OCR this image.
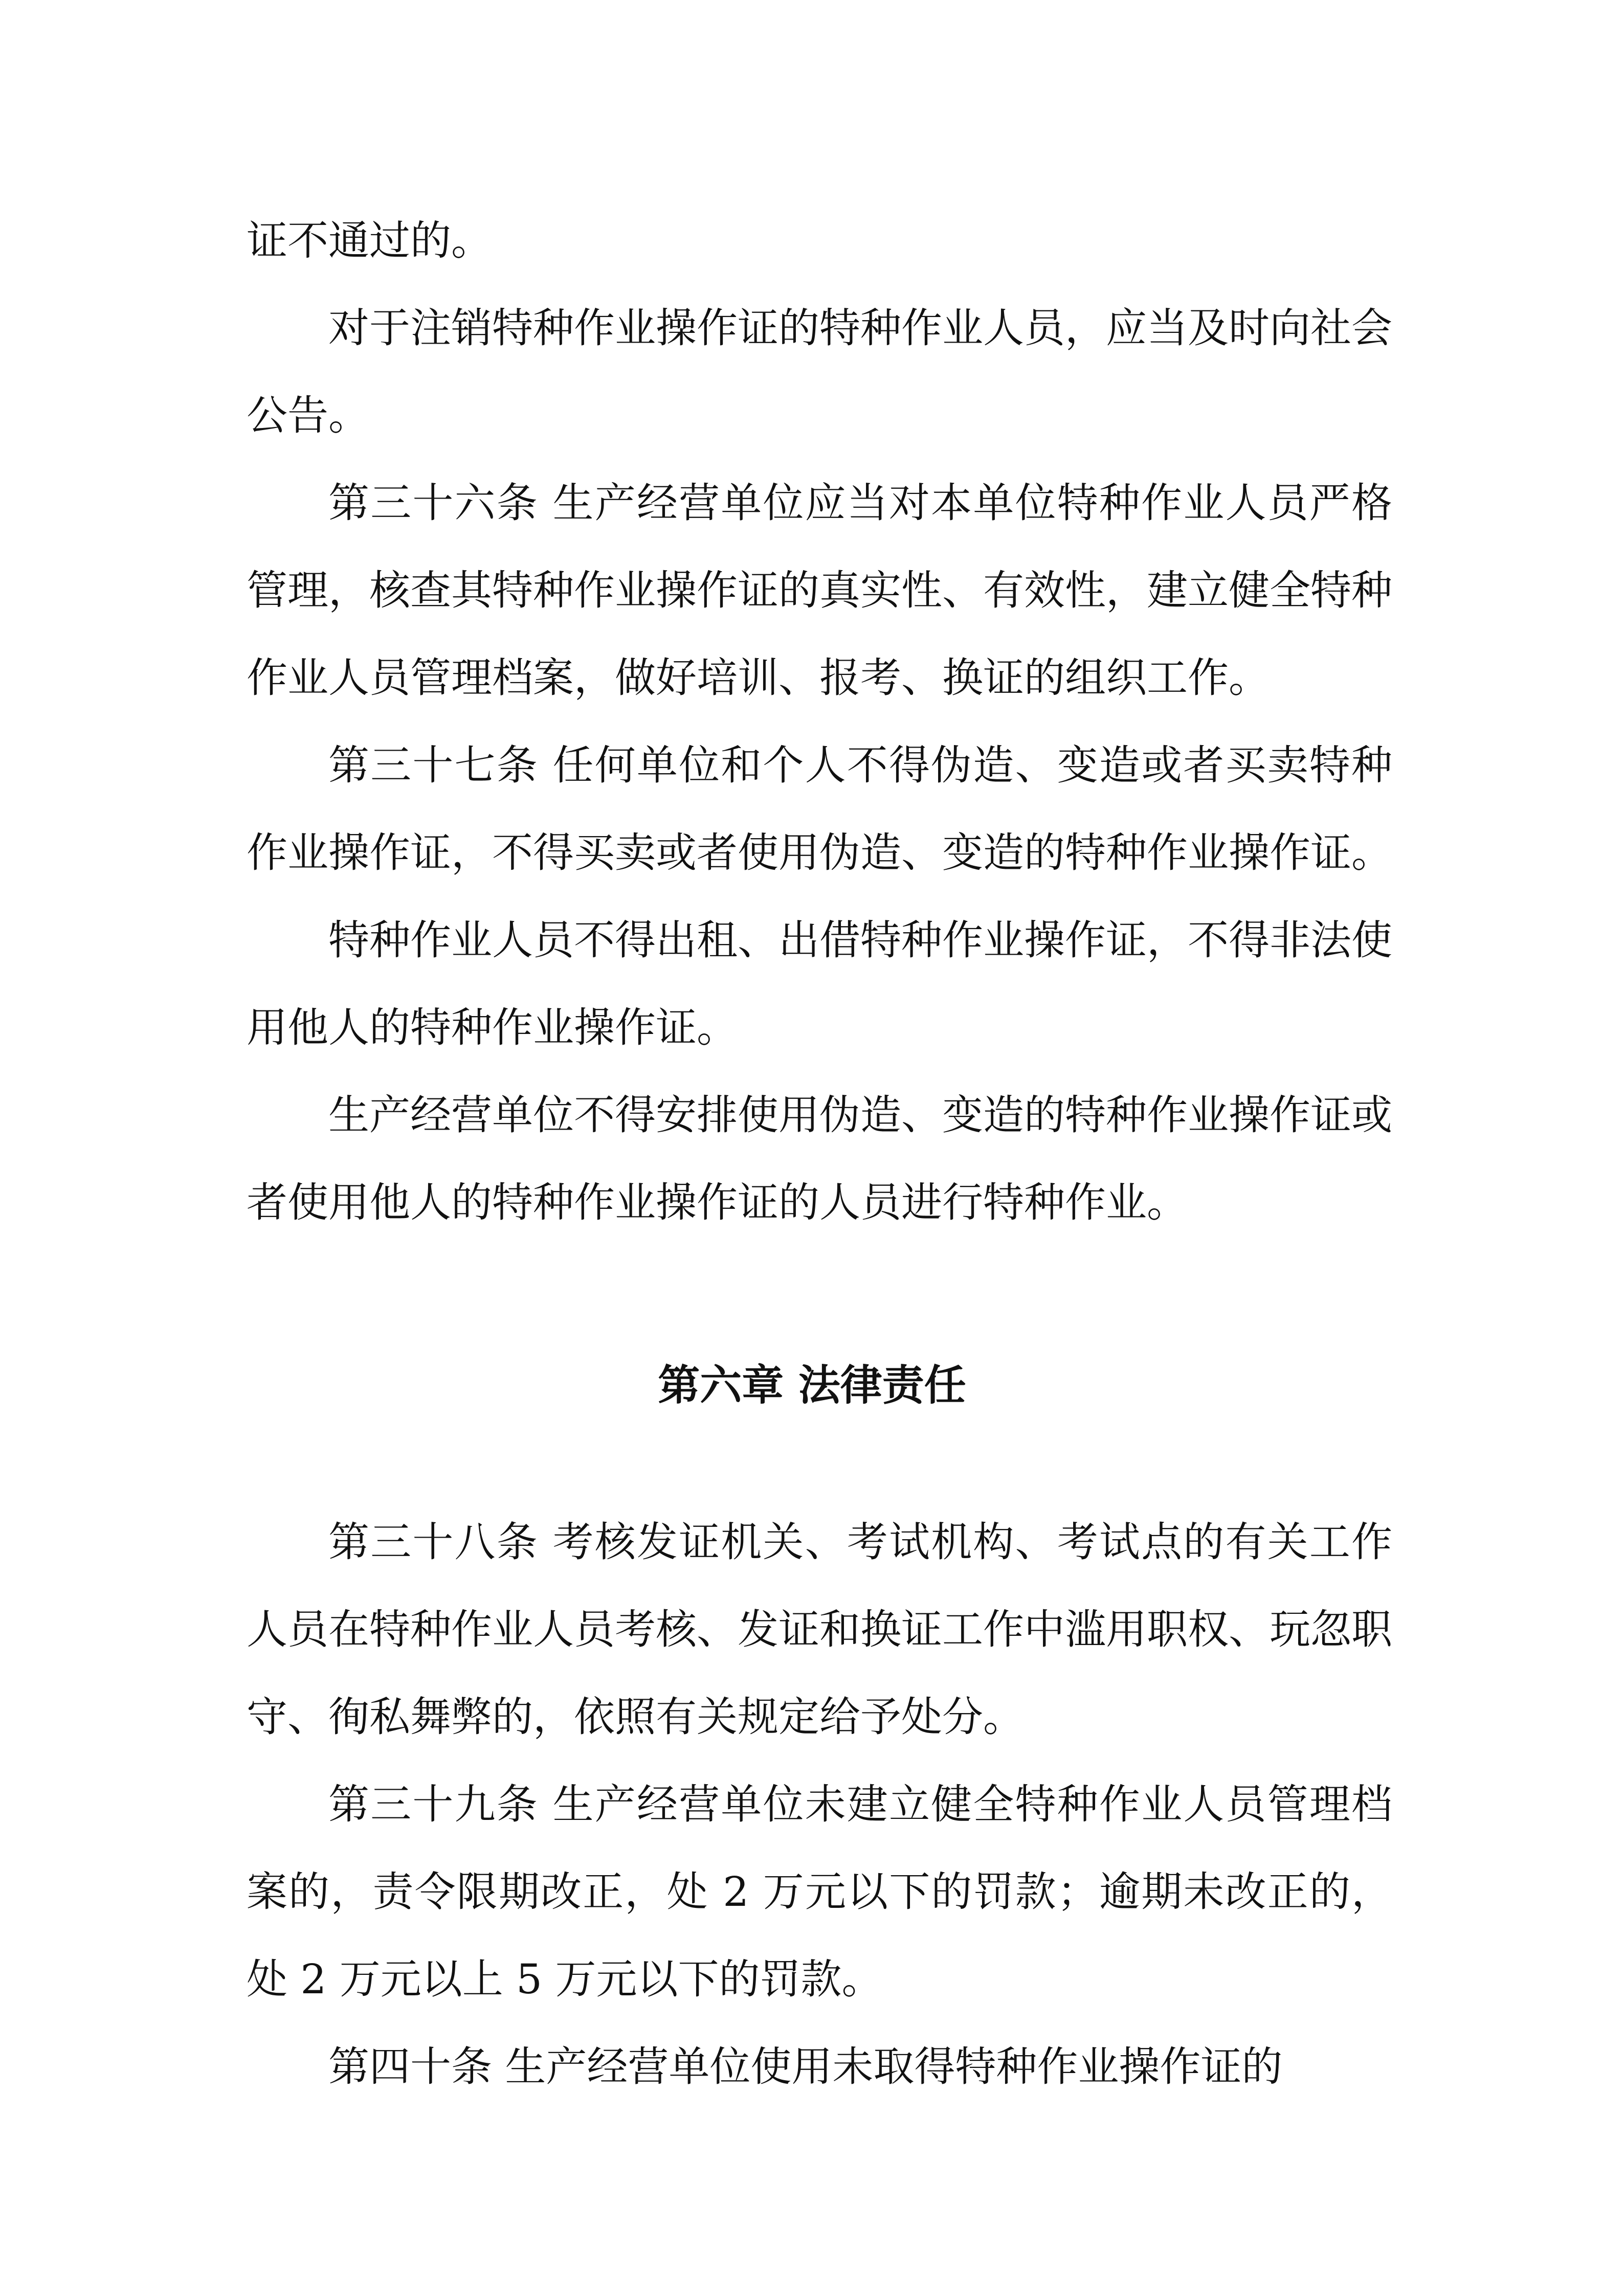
证不通过的。

对于注销特种作业操作证的特种作业人员，应当及时向社会公告。

第三十六条 生产经营单位应当对本单位特种作业人员严格管理，核查其特种作业操作证的真实性、有效性，建立健全特种作业人员管理档案，做好培训、报考、换证的组织工作。

第三十七条 任何单位和个人不得伪造、变造或者买卖特种作业操作证，不得买卖或者使用伪造、变造的特种作业操作证。

特种作业人员不得出租、出借特种作业操作证，不得非法使用他人的特种作业操作证。

生产经营单位不得安排使用伪造、变造的特种作业操作证或者使用他人的特种作业操作证的人员进行特种作业。

第六章 法律责任

第三十八条 考核发证机关、考试机构、考试点的有关工作人员在特种作业人员考核、发证和换证工作中滥用职权、玩忽职守、徇私舞弊的，依照有关规定给予处分。

第三十九条 生产经营单位未建立健全特种作业人员管理档案的，责令限期改正，处 2 万元以下的罚款；逾期未改正的，处 2 万元以上 5 万元以下的罚款。

第四十条 生产经营单位使用未取得特种作业操作证的
